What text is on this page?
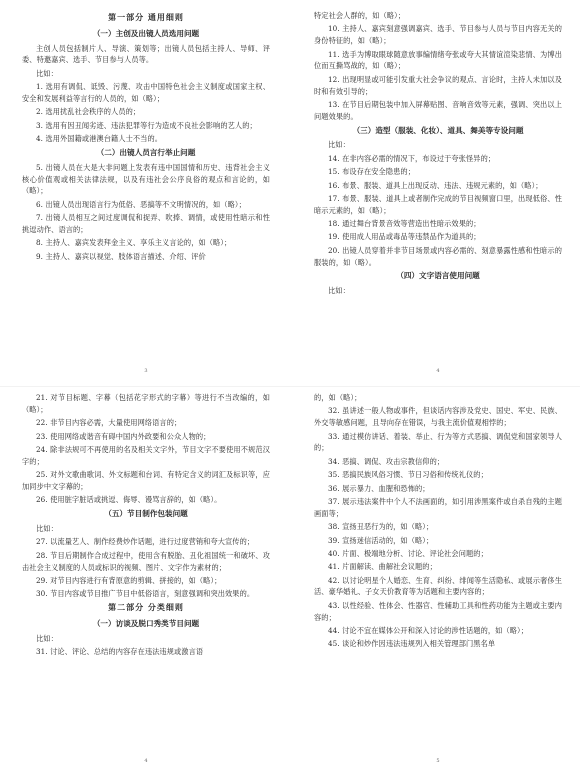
第一部分 通用细则
（一）主创及出镜人员选用问题

主创人员包括制片人、导演、策划等；出镜人员包括主持人、导师、评委、特邀嘉宾、选手、节目参与人员等。

比如：

1. 选用有调侃、诋毁、污蔑、攻击中国特色社会主义制度或国家主权、安全和发展利益等言行的人员的，如（略）；

2. 选用扰乱社会秩序的人员的；

3. 选用有因丑闻劣迹、违法犯罪等行为造成不良社会影响的艺人的；

4. 选用外国籍或港澳台籍人士不当的。

（二）出镜人员言行举止问题

5. 出镜人员在大是大非问题上发表有违中国国情和历史、违背社会主义核心价值观或相关法律法规，以及有违社会公序良俗的观点和言论的，如（略）；

6. 出镜人员出现语言行为低俗、恶搞等不文明情况的，如（略）；

7. 出镜人员相互之间过度调侃和捉弄、吹捧、调情，或使用性暗示和性挑逗动作、语言的；

8. 主持人、嘉宾发表拜金主义、享乐主义言论的，如（略）；

9. 主持人、嘉宾以视觉、肢体语言描述、介绍、评价

3

特定社会人群的，如（略）；

10. 主持人、嘉宾刻意强调嘉宾、选手、节目参与人员与节目内容无关的身份特征的，如（略）；

11. 选手为博取眼球随意放事编情绪夸张或夸大其情谊渲染悲情、为博出位而互撕骂战的，如（略）；

12. 出现明显或可能引发重大社会争议的观点、言论时，主持人未加以及时和有效引导的；

13. 在节目后期包装中加入屏幕贴图、音响音效等元素，强调、突出以上问题效果的。

（三）造型（服装、化妆）、道具、舞美等专设问题

比如：

14. 在非内容必需的情况下，布设过于夸张怪异的；

15. 布设存在安全隐患的；

16. 布景、服装、道具上出现反动、违法、违规元素的，如（略）；

17. 布景、服装、道具上或者制作完成的节目视频窗口里，出现低俗、性暗示元素的，如（略）；

18. 通过舞台背景音效等营造出性暗示效果的；

19. 使用成人用品或毒品等违禁品作为道具的；

20. 出镜人员穿着并非节目场景或内容必需的、刻意暴露性感和性暗示的服装的，如（略）。

（四）文字语言使用问题

比如：

4

21. 对节目标题、字幕（包括花字形式的字幕）等进行不当改编的，如（略）；

22. 非节目内容必需，大量使用网络语言的；

23. 使用网络或谐音有碍中国内外政要和公众人物的；

24. 除非法规可不再使用的名及相关文字外，节目文字不要使用不规范汉字的；

25. 对外文歌曲歌词、外文标题和台词、有特定含义的词汇及标识等，应加同步中文字幕的；

26. 使用脏字脏话或挑逗、侮辱、谩骂言辞的，如（略）。

（五）节目制作包装问题

比如：

27. 以流量艺人、制作经费炒作话题，进行过度营销和夸大宣传的；

28. 节目后期制作合成过程中，使用含有脱胎、丑化祖国统一和破坏、攻击社会主义制度的人员或标识的视频、图片、文字作为素材的；

29. 对节目内容进行有背原意的剪辑、拼接的，如（略）；

30. 节目内容或节目推广节目中低俗语言，刻意强调和突出效果的。

第二部分 分类细则
（一）访谈及脱口秀类节目问题

比如：

31. 讨论、评论、总结的内容存在违法违规或激言语

4

的，如（略）；

32. 虽讲述一般人物或事件，但谈话内容涉及党史、国史、军史、民族、外交等敏感问题，且导向存在错误，与我主流价值观相悖的；

33. 通过模仿讲话、着装、举止、行为等方式恶搞、调侃党和国家领导人的；

34. 恶搞、调侃、攻击宗教信仰的；

35. 恶搞民族风俗习惯、节日习俗和传统礼仪的；

36. 展示暴力、血腥和恐怖的；

37. 展示违法案件中个人不法画面的，如引用涉黑案件或自杀自残的主题画面等；

38. 宣扬丑恶行为的，如（略）；

39. 宣扬迷信活动的，如（略）；

40. 片面、极端地分析、讨论、评论社会问题的；

41. 片面解读、曲解社会议题的；

42. 以讨论明星个人婚恋、生育、纠纷、绯闻等生活隐私、或展示奢侈生活、豪华婚礼、子女天价教育等为话题和主要内容的；

43. 以性经验、性体会、性器官、性辅助工具和性药功能为主题或主要内容的；

44. 讨论不宜在媒体公开和深入讨论的涉性话题的，如（略）；

45. 谈论和炒作因违法违规列入相关管理部门黑名单

5
